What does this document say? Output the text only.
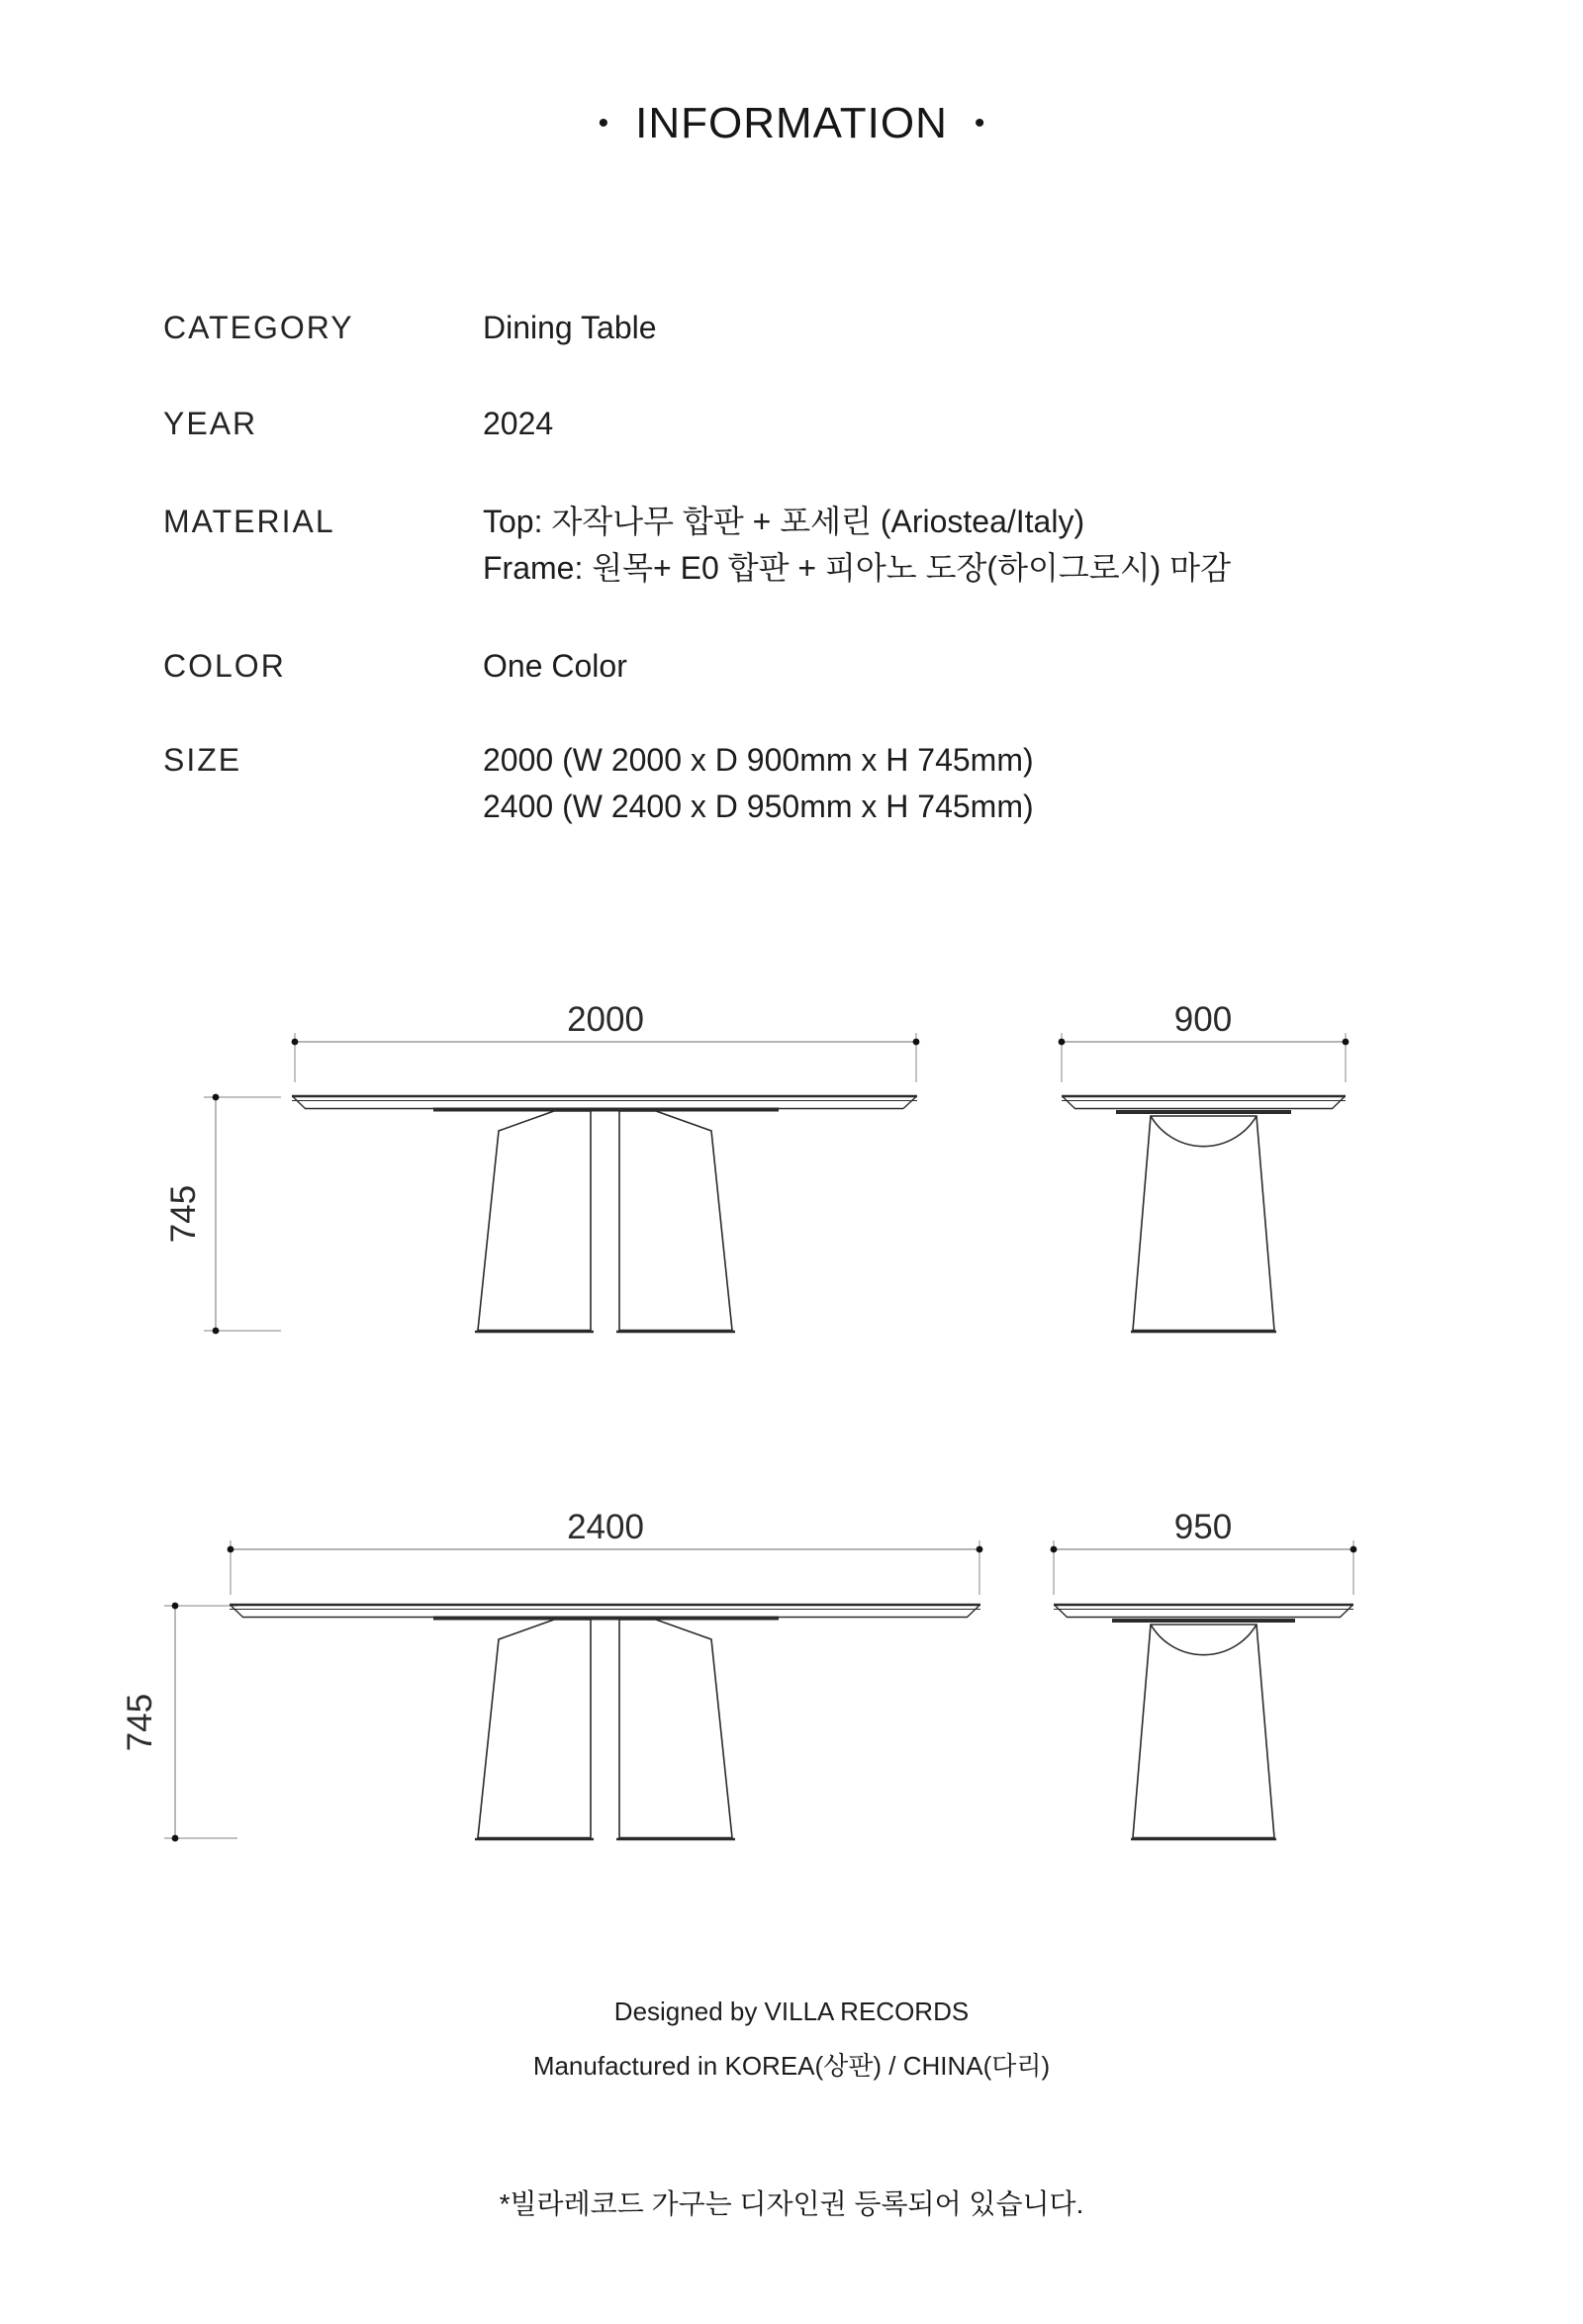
• INFORMATION •
CATEGORY	Dining Table
YEAR	2024
MATERIAL	Top: 자작나무 합판 + 포세린 (Ariostea/Italy)
Frame: 원목+ E0 합판 + 피아노 도장(하이그로시) 마감
COLOR	One Color
SIZE	2000 (W 2000 x D 900mm x H 745mm)
2400 (W 2400 x D 950mm x H 745mm)
2000
745
900
2400
745
950
Designed by VILLA RECORDS
Manufactured in KOREA(상판) / CHINA(다리)
*빌라레코드 가구는 디자인권 등록되어 있습니다.
